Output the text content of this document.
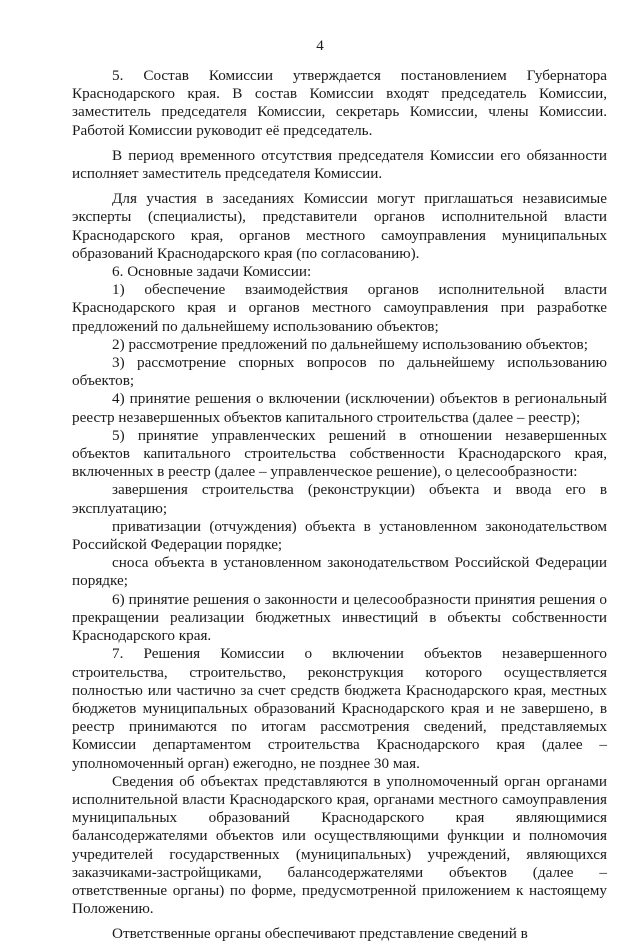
4

5. Состав Комиссии утверждается постановлением Губернатора Краснодарского края. В состав Комиссии входят председатель Комиссии, заместитель председателя Комиссии, секретарь Комиссии, члены Комиссии. Работой Комиссии руководит её председатель.

В период временного отсутствия председателя Комиссии его обязанности исполняет заместитель председателя Комиссии.

Для участия в заседаниях Комиссии могут приглашаться независимые эксперты (специалисты), представители органов исполнительной власти Краснодарского края, органов местного самоуправления муниципальных образований Краснодарского края (по согласованию).

6. Основные задачи Комиссии:

1) обеспечение взаимодействия органов исполнительной власти Краснодарского края и органов местного самоуправления при разработке предложений по дальнейшему использованию объектов;

2) рассмотрение предложений по дальнейшему использованию объектов;

3) рассмотрение спорных вопросов по дальнейшему использованию объектов;

4) принятие решения о включении (исключении) объектов в региональный реестр незавершенных объектов капитального строительства (далее – реестр);

5) принятие управленческих решений в отношении незавершенных объектов капитального строительства собственности Краснодарского края, включенных в реестр (далее – управленческое решение), о целесообразности:

завершения строительства (реконструкции) объекта и ввода его в эксплуатацию;

приватизации (отчуждения) объекта в установленном законодательством Российской Федерации порядке;

сноса объекта в установленном законодательством Российской Федерации порядке;

6) принятие решения о законности и целесообразности принятия решения о прекращении реализации бюджетных инвестиций в объекты собственности Краснодарского края.

7. Решения Комиссии о включении объектов незавершенного строительства, строительство, реконструкция которого осуществляется полностью или частично за счет средств бюджета Краснодарского края, местных бюджетов муниципальных образований Краснодарского края и не завершено, в реестр принимаются по итогам рассмотрения сведений, представляемых Комиссии департаментом строительства Краснодарского края (далее – уполномоченный орган) ежегодно, не позднее 30 мая.

Сведения об объектах представляются в уполномоченный орган органами исполнительной власти Краснодарского края, органами местного самоуправления муниципальных образований Краснодарского края являющимися балансодержателями объектов или осуществляющими функции и полномочия учредителей государственных (муниципальных) учреждений, являющихся заказчиками-застройщиками, балансодержателями объектов (далее – ответственные органы) по форме, предусмотренной приложением к настоящему Положению.

Ответственные органы обеспечивают представление сведений в
